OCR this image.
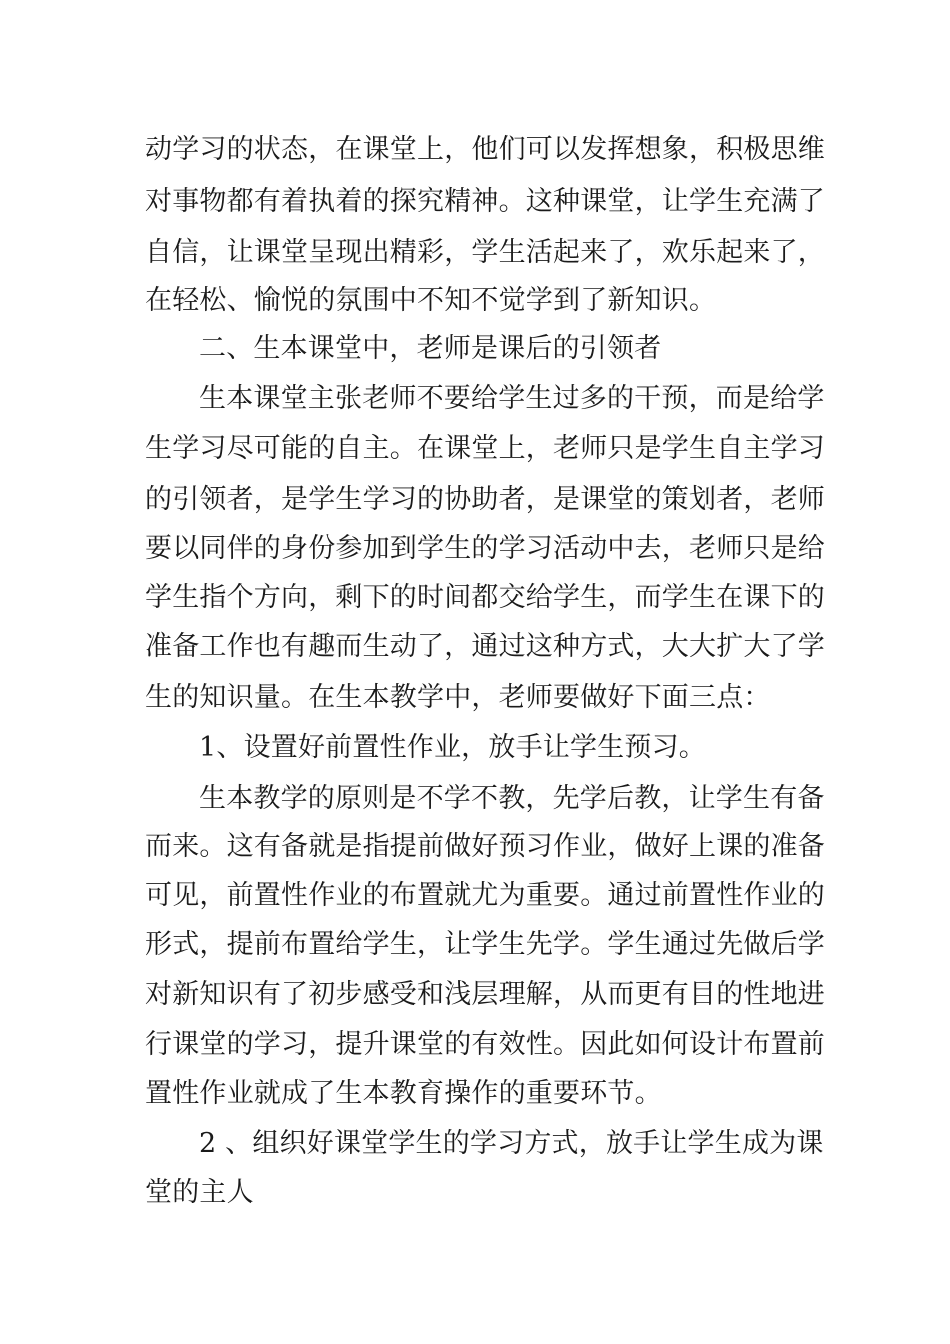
动学习的状态，在课堂上，他们可以发挥想象，积极思维
对事物都有着执着的探究精神。这种课堂，让学生充满了
自信，让课堂呈现出精彩，学生活起来了，欢乐起来了，
在轻松、愉悦的氛围中不知不觉学到了新知识。
二、生本课堂中，老师是课后的引领者
生本课堂主张老师不要给学生过多的干预，而是给学
生学习尽可能的自主。在课堂上，老师只是学生自主学习
的引领者，是学生学习的协助者，是课堂的策划者，老师
要以同伴的身份参加到学生的学习活动中去，老师只是给
学生指个方向，剩下的时间都交给学生，而学生在课下的
准备工作也有趣而生动了，通过这种方式，大大扩大了学
生的知识量。在生本教学中，老师要做好下面三点：
1、设置好前置性作业，放手让学生预习。
生本教学的原则是不学不教，先学后教，让学生有备
而来。这有备就是指提前做好预习作业，做好上课的准备
可见，前置性作业的布置就尤为重要。通过前置性作业的
形式，提前布置给学生，让学生先学。学生通过先做后学
对新知识有了初步感受和浅层理解，从而更有目的性地进
行课堂的学习，提升课堂的有效性。因此如何设计布置前
置性作业就成了生本教育操作的重要环节。
2 、组织好课堂学生的学习方式，放手让学生成为课
堂的主人
